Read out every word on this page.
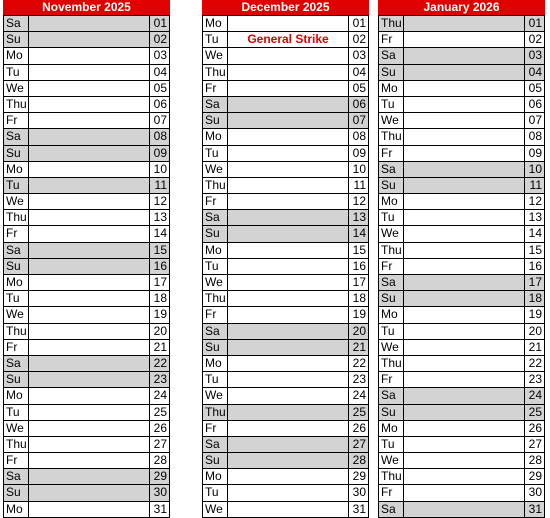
November 2025
Sa	01
Su	02
Mo	03
Tu	04
We	05
Thu	06
Fr	07
Sa	08
Su	09
Mo	10
Tu	11
We	12
Thu	13
Fr	14
Sa	15
Su	16
Mo	17
Tu	18
We	19
Thu	20
Fr	21
Sa	22
Su	23
Mo	24
Tu	25
We	26
Thu	27
Fr	28
Sa	29
Su	30
Mo	31
December 2025
Mo	01
Tu	General Strike	02
We	03
Thu	04
Fr	05
Sa	06
Su	07
Mo	08
Tu	09
We	10
Thu	11
Fr	12
Sa	13
Su	14
Mo	15
Tu	16
We	17
Thu	18
Fr	19
Sa	20
Su	21
Mo	22
Tu	23
We	24
Thu	25
Fr	26
Sa	27
Su	28
Mo	29
Tu	30
We	31
January 2026
Thu	01
Fr	02
Sa	03
Su	04
Mo	05
Tu	06
We	07
Thu	08
Fr	09
Sa	10
Su	11
Mo	12
Tu	13
We	14
Thu	15
Fr	16
Sa	17
Su	18
Mo	19
Tu	20
We	21
Thu	22
Fr	23
Sa	24
Su	25
Mo	26
Tu	27
We	28
Thu	29
Fr	30
Sa	31
